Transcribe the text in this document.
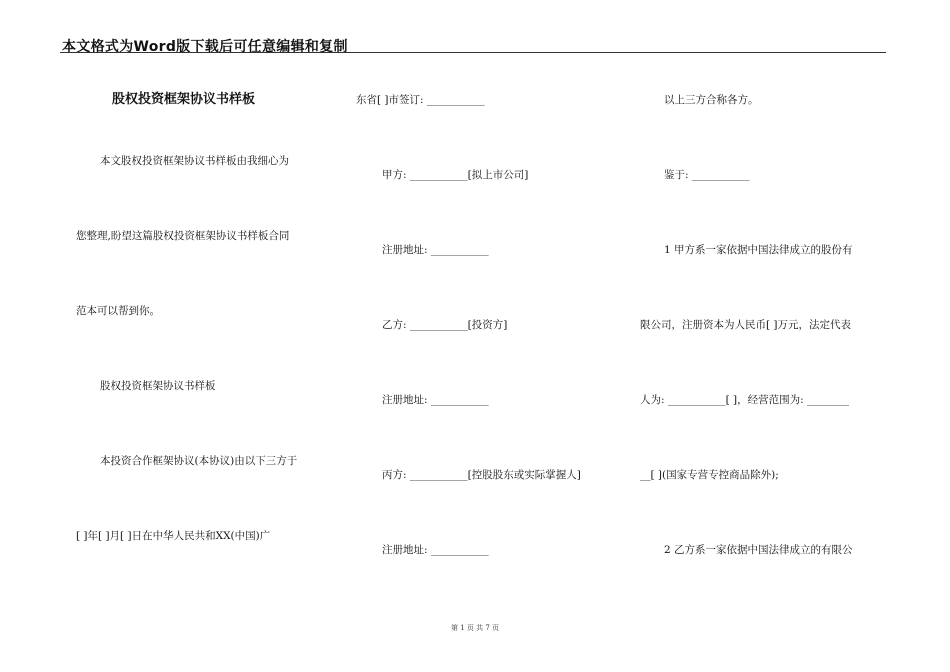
本文格式为Word版下载后可任意编辑和复制
股权投资框架协议书样板
本文股权投资框架协议书样板由我细心为
您整理,盼望这篇股权投资框架协议书样板合同
范本可以帮到你。
股权投资框架协议书样板
本投资合作框架协议(本协议)由以下三方于
[ ]年[ ]月[ ]日在中华人民共和XX(中国)广
东省[ ]市签订: ___________
甲方: ___________[拟上市公司]
注册地址: ___________
乙方: ___________[投资方]
注册地址: ___________
丙方: ___________[控股股东或实际掌握人]
注册地址: ___________
以上三方合称各方。
鉴于: ___________
1 甲方系一家依据中国法律成立的股份有
限公司，注册资本为人民币[ ]万元，法定代表
人为: ___________[ ]，经营范围为: ________
__[ ](国家专营专控商品除外);
2 乙方系一家依据中国法律成立的有限公
第 1 页 共 7 页
